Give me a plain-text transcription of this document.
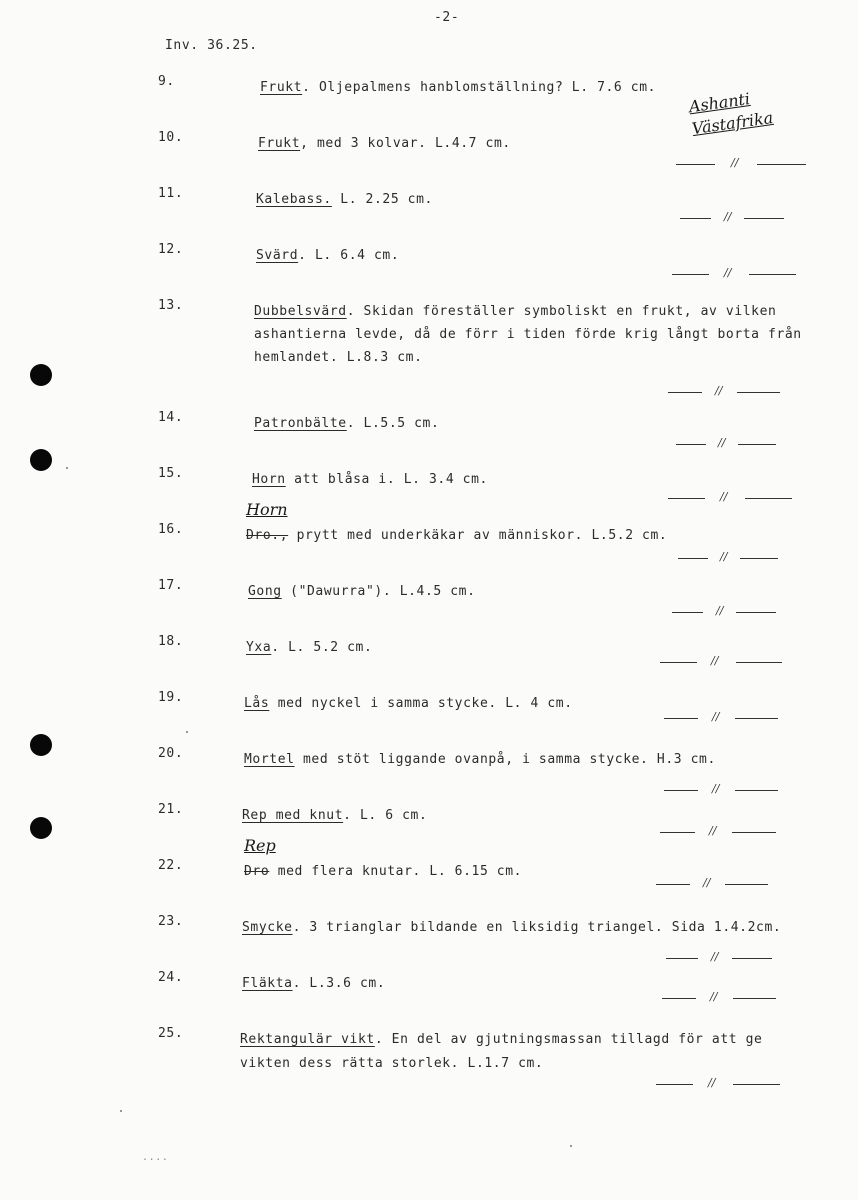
-2-
Inv. 36.25.
Ashanti Västafrika
9.	Frukt. Oljepalmens hanblomställning? L. 7.6 cm.
10.	Frukt, med 3 kolvar. L.4.7 cm.
//
11.	Kalebass. L. 2.25 cm.
//
12.	Svärd. L. 6.4 cm.
//
13.	Dubbelsvärd. Skidan föreställer symboliskt en frukt, av vilken
ashantierna levde, då de förr i tiden förde krig långt borta från
hemlandet. L.8.3 cm.
//
14.	Patronbälte. L.5.5 cm.
//
15.	Horn att blåsa i. L. 3.4 cm.
//
16.
Horn
Dro., prytt med underkäkar av människor. L.5.2 cm.
//
17.	Gong ("Dawurra"). L.4.5 cm.
//
18.	Yxa. L. 5.2 cm.
//
19.	Lås med nyckel i samma stycke. L. 4 cm.
//
20.	Mortel med stöt liggande ovanpå, i samma stycke. H.3 cm.
//
21.	Rep med knut. L. 6 cm.
//
22.
Rep
Dro med flera knutar. L. 6.15 cm.
//
23.	Smycke. 3 trianglar bildande en liksidig triangel. Sida 1.4.2cm.
//
24.	Fläkta. L.3.6 cm.
//
25.	Rektangulär vikt. En del av gjutningsmassan tillagd för att ge
vikten dess rätta storlek. L.1.7 cm.
//
....
